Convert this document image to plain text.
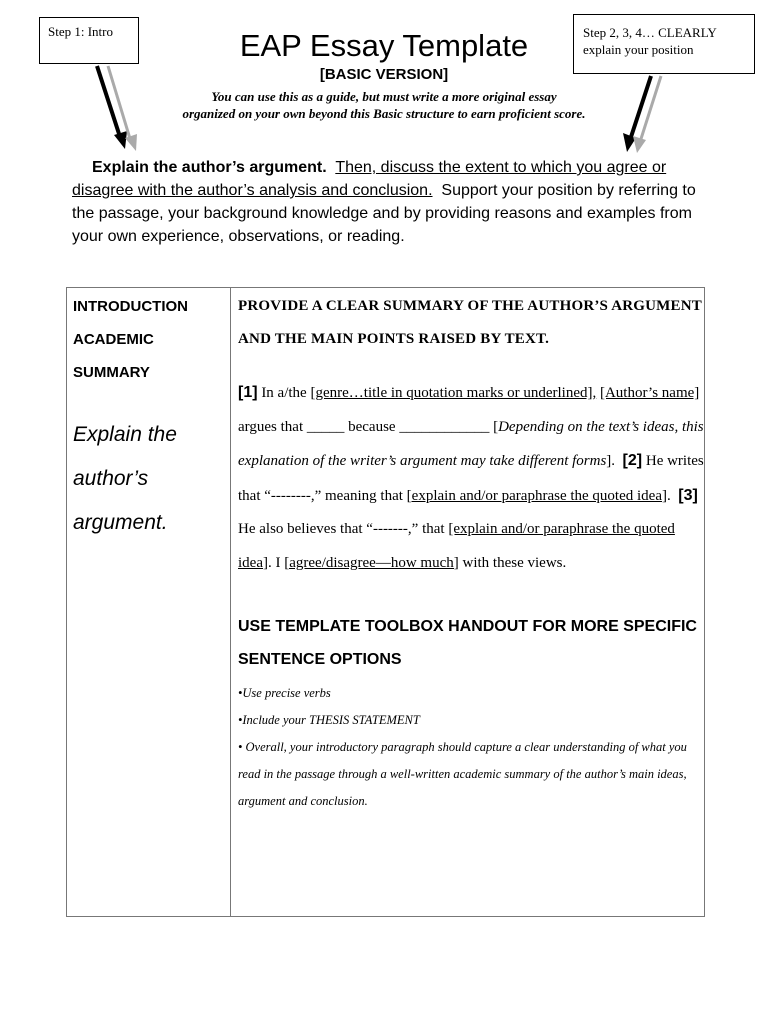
Step 1: Intro	Step 2, 3, 4… CLEARLY explain your position
EAP Essay Template
[BASIC VERSION]
You can use this as a guide, but must write a more original essay
organized on your own beyond this Basic structure to earn proficient score.
Explain the author’s argument. Then, discuss the extent to which you agree or disagree with the author’s analysis and conclusion. Support your position by referring to the passage, your background knowledge and by providing reasons and examples from your own experience, observations, or reading.
INTRODUCTION
ACADEMIC
SUMMARY
Explain the author’s argument.

PROVIDE A CLEAR SUMMARY OF THE AUTHOR’S ARGUMENT AND THE MAIN POINTS RAISED BY TEXT.
[1] In a/the [genre…title in quotation marks or underlined], [Author’s name] argues that _____ because ____________ [Depending on the text’s ideas, this explanation of the writer’s argument may take different forms]. [2] He writes that “--------,” meaning that [explain and/or paraphrase the quoted idea]. [3] He also believes that “-------,” that [explain and/or paraphrase the quoted idea]. I [agree/disagree—how much] with these views.
USE TEMPLATE TOOLBOX HANDOUT FOR MORE SPECIFIC SENTENCE OPTIONS
•Use precise verbs
•Include your THESIS STATEMENT
• Overall, your introductory paragraph should capture a clear understanding of what you read in the passage through a well-written academic summary of the author’s main ideas, argument and conclusion.
